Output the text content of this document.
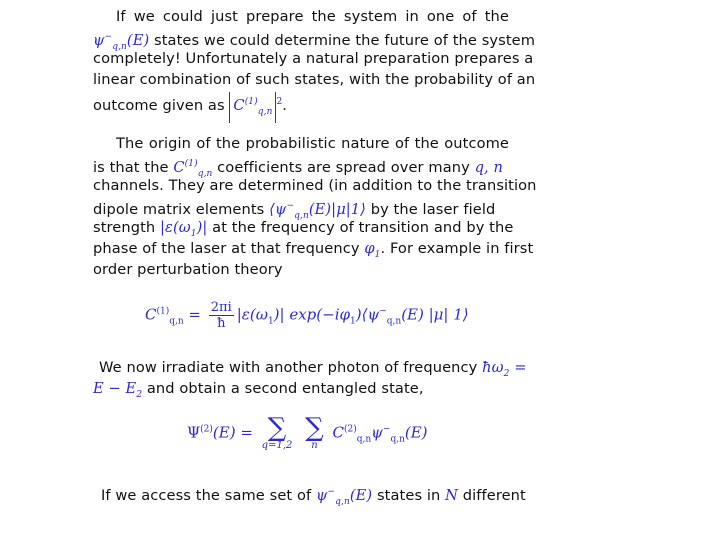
If we could just prepare the system in one of the
$\psi^-_{q,n}(E)$ states we could determine the future of the system
completely! Unfortunately a natural preparation prepares a
linear combination of such states, with the probability of an
outcome given as $C^{(1)}_{q,n}^2$.
The origin of the probabilistic nature of the outcome
is that the $C^{(1)}_{q,n}$ coefficients are spread over many q, n
channels. They are determined (in addition to the transition
dipole matrix elements $⟨\psi^-_{q,n}(E)|\mu|1⟩$ by the laser field
strength $|\varepsilon(\omega_1)|$ at the frequency of transition and by the
phase of the laser at that frequency $\varphi_1$. For example in first
order perturbation theory
$C^{(1)}_{q,n} = \frac{2\pi i}{ħ} |\varepsilon(\omega_1)|$ $\exp(-i\varphi_1)⟨\psi^-_{q,n}(E)$ |μ| 1⟩
We now irradiate with another photon of frequency $ħ\omega_2$ =
$E - E_2$ and obtain a second entangled state,
$\Psi^{(2)}(E)$ = ∑
q=1,2

∑
n
$C^{(2)}_{q,n}\psi^-_{q,n}(E)$
If we access the same set of $\psi^-_{q,n}(E)$ states in N different
